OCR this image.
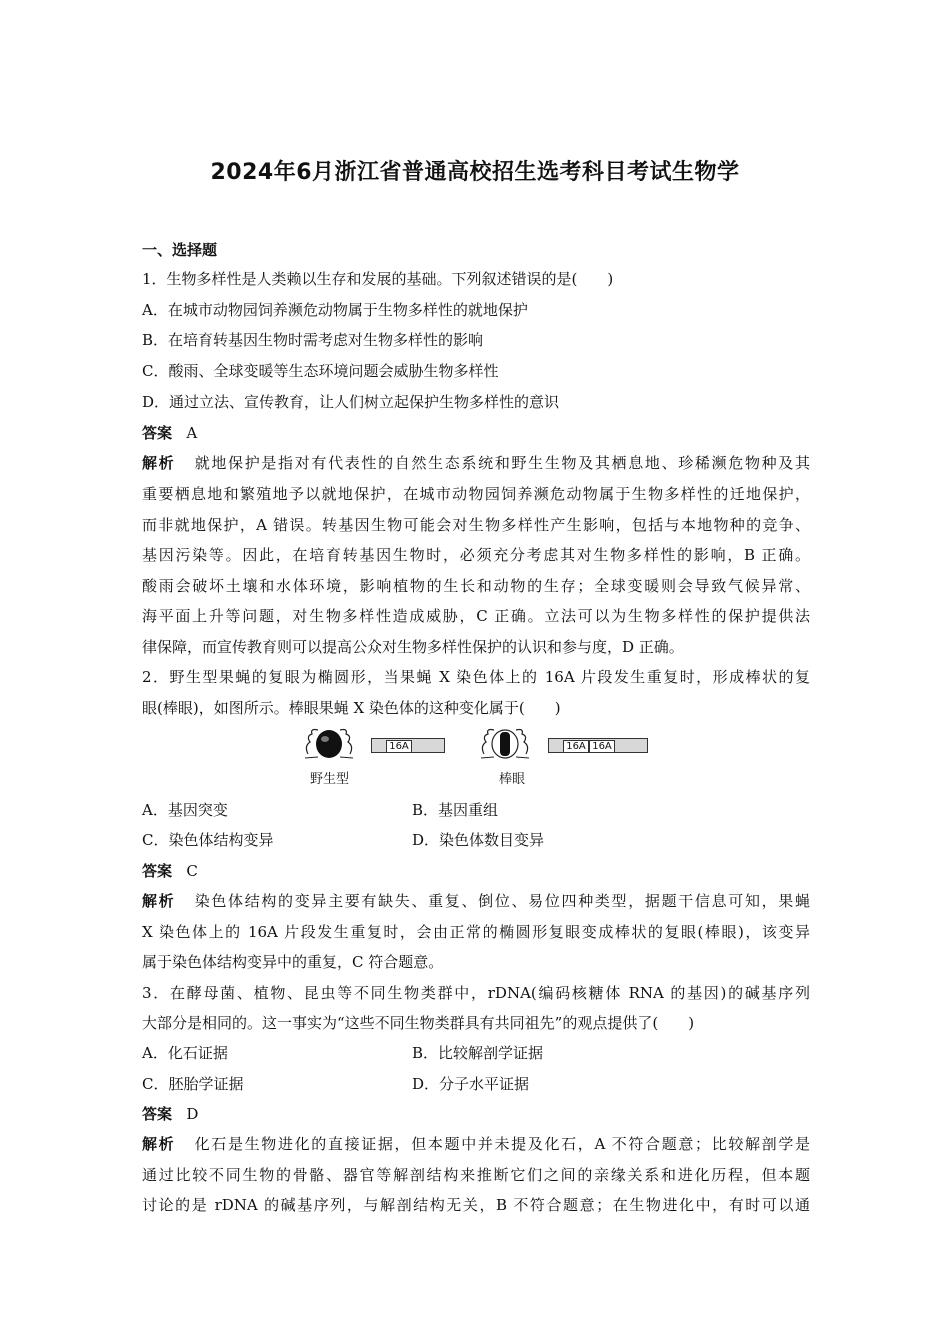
2024年6月浙江省普通高校招生选考科目考试生物学
一、选择题
1．生物多样性是人类赖以生存和发展的基础。下列叙述错误的是(　　)
A．在城市动物园饲养濒危动物属于生物多样性的就地保护
B．在培育转基因生物时需考虑对生物多样性的影响
C．酸雨、全球变暖等生态环境问题会威胁生物多样性
D．通过立法、宣传教育，让人们树立起保护生物多样性的意识
答案 A
解析 就地保护是指对有代表性的自然生态系统和野生生物及其栖息地、珍稀濒危物种及其
重要栖息地和繁殖地予以就地保护，在城市动物园饲养濒危动物属于生物多样性的迁地保护，
而非就地保护，A 错误。转基因生物可能会对生物多样性产生影响，包括与本地物种的竞争、
基因污染等。因此，在培育转基因生物时，必须充分考虑其对生物多样性的影响，B 正确。
酸雨会破坏土壤和水体环境，影响植物的生长和动物的生存；全球变暖则会导致气候异常、
海平面上升等问题，对生物多样性造成威胁，C 正确。立法可以为生物多样性的保护提供法
律保障，而宣传教育则可以提高公众对生物多样性保护的认识和参与度，D 正确。
2．野生型果蝇的复眼为椭圆形，当果蝇 X 染色体上的 16A 片段发生重复时，形成棒状的复
眼(棒眼)，如图所示。棒眼果蝇 X 染色体的这种变化属于(　　)
16A
野生型
16A 16A
棒眼
A．基因突变	B．基因重组
C．染色体结构变异	D．染色体数目变异
答案 C
解析 染色体结构的变异主要有缺失、重复、倒位、易位四种类型，据题干信息可知，果蝇
X 染色体上的 16A 片段发生重复时，会由正常的椭圆形复眼变成棒状的复眼(棒眼)，该变异
属于染色体结构变异中的重复，C 符合题意。
3．在酵母菌、植物、昆虫等不同生物类群中，rDNA(编码核糖体 RNA 的基因)的碱基序列
大部分是相同的。这一事实为“这些不同生物类群具有共同祖先”的观点提供了(　　)
A．化石证据	B．比较解剖学证据
C．胚胎学证据	D．分子水平证据
答案 D
解析 化石是生物进化的直接证据，但本题中并未提及化石，A 不符合题意；比较解剖学是
通过比较不同生物的骨骼、器官等解剖结构来推断它们之间的亲缘关系和进化历程，但本题
讨论的是 rDNA 的碱基序列，与解剖结构无关，B 不符合题意；在生物进化中，有时可以通
